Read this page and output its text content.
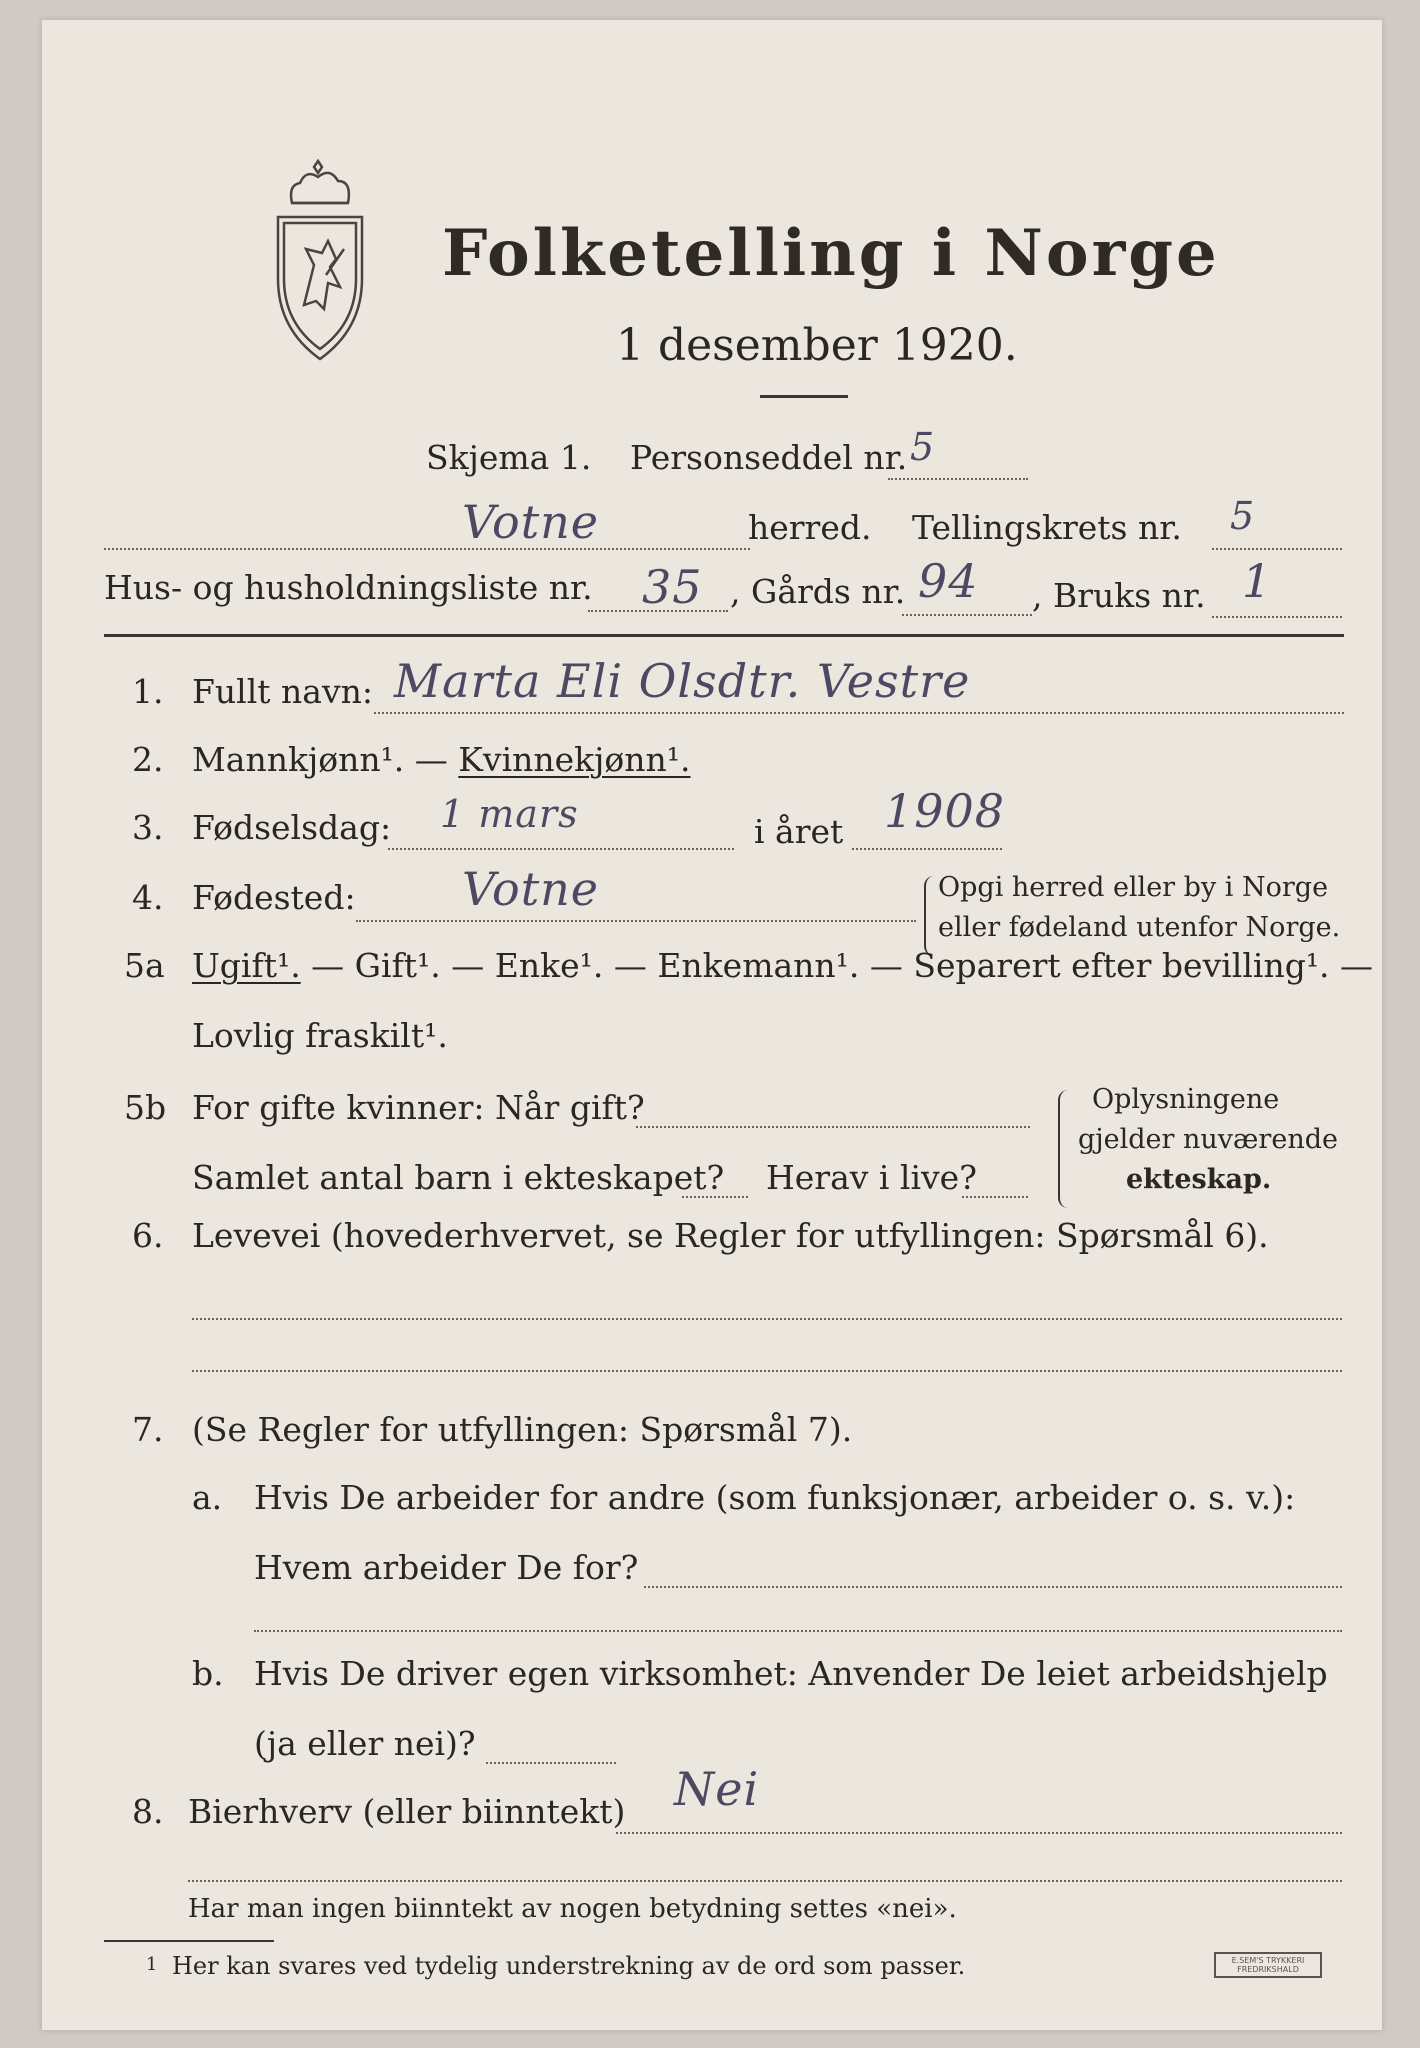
Folketelling i Norge
1 desember 1920.
Skjema 1. Personseddel nr. 5
Votne	herred. Tellingskrets nr. 5
Hus- og husholdningsliste nr. 35 , Gårds nr. 94 , Bruks nr. 1
1. Fullt navn: Marta Eli Olsdtr. Vestre
2. Mannkjønn¹. — Kvinnekjønn¹.
3. Fødselsdag: 1 mars	i året 1908
4. Fødested: Votne	Opgi herred eller by i Norge
eller fødeland utenfor Norge.
5a Ugift¹. — Gift¹. — Enke¹. — Enkemann¹. — Separert efter bevilling¹. —
Lovlig fraskilt¹.
5b For gifte kvinner: Når gift?
Samlet antal barn i ekteskapet? Herav i live?
Oplysningene
gjelder nuværende
ekteskap.
6. Levevei (hovederhvervet, se Regler for utfyllingen: Spørsmål 6).
7. (Se Regler for utfyllingen: Spørsmål 7).
a. Hvis De arbeider for andre (som funksjonær, arbeider o. s. v.):
Hvem arbeider De for?
b. Hvis De driver egen virksomhet: Anvender De leiet arbeidshjelp
(ja eller nei)?
8. Bierhverv (eller biinntekt) Nei
Har man ingen biinntekt av nogen betydning settes «nei».
1 Her kan svares ved tydelig understrekning av de ord som passer.	E.SEM'S TRYKKERI
FREDRIKSHALD
